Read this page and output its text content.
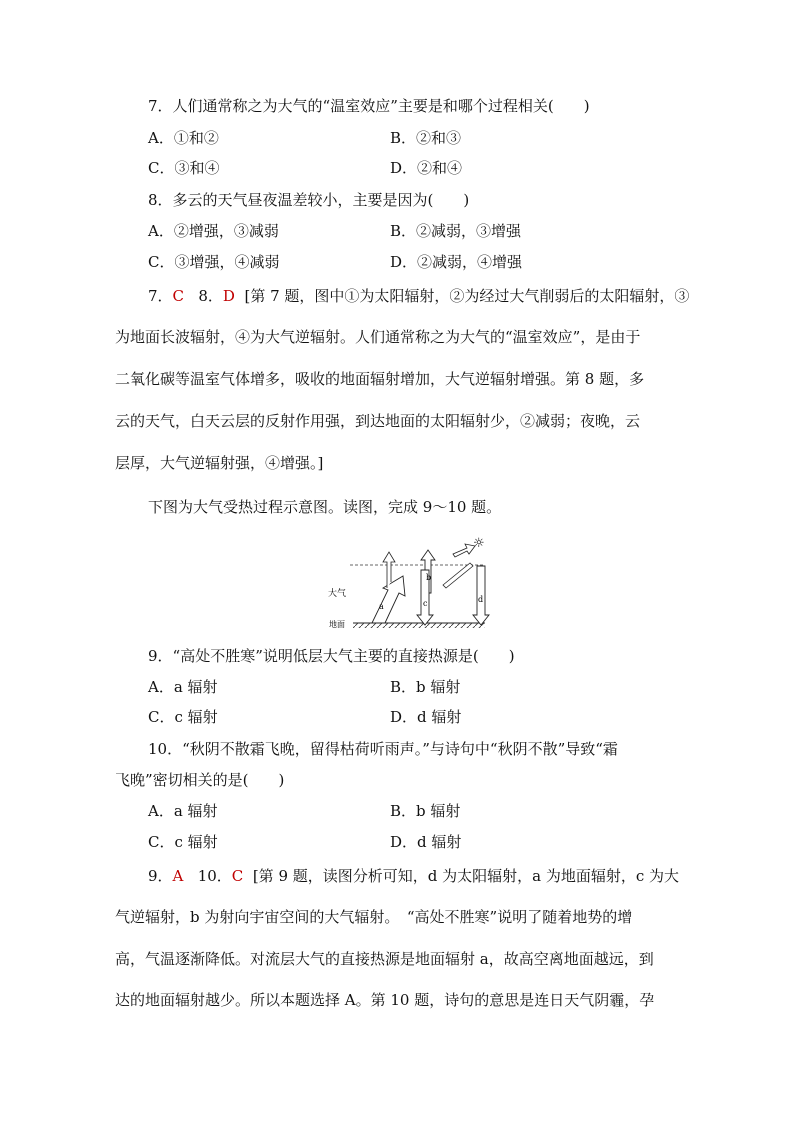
7．人们通常称之为大气的“温室效应”主要是和哪个过程相关(　　)
A．①和②	B．②和③
C．③和④	D．②和④
8．多云的天气昼夜温差较小，主要是因为(　　)
A．②增强，③减弱	B．②减弱，③增强
C．③增强，④减弱	D．②减弱，④增强
7．C 8．D [第 7 题，图中①为太阳辐射，②为经过大气削弱后的太阳辐射，③
为地面长波辐射，④为大气逆辐射。人们通常称之为大气的“温室效应”，是由于
二氧化碳等温室气体增多，吸收的地面辐射增加，大气逆辐射增强。第 8 题，多
云的天气，白天云层的反射作用强，到达地面的太阳辐射少，②减弱；夜晚，云
层厚，大气逆辐射强，④增强。]
下图为大气受热过程示意图。读图，完成 9～10 题。
大气
地面
a
b
c	d
☼
9．“高处不胜寒”说明低层大气主要的直接热源是(　　)
A．a 辐射	B．b 辐射
C．c 辐射	D．d 辐射
10．“秋阴不散霜飞晚，留得枯荷听雨声。”与诗句中“秋阴不散”导致“霜
飞晚”密切相关的是(　　)
A．a 辐射	B．b 辐射
C．c 辐射	D．d 辐射
9．A 10．C [第 9 题，读图分析可知，d 为太阳辐射，a 为地面辐射，c 为大
气逆辐射，b 为射向宇宙空间的大气辐射。　“高处不胜寒”说明了随着地势的增
高，气温逐渐降低。对流层大气的直接热源是地面辐射 a，故高空离地面越远，到
达的地面辐射越少。所以本题选择 A。第 10 题，诗句的意思是连日天气阴霾，孕
